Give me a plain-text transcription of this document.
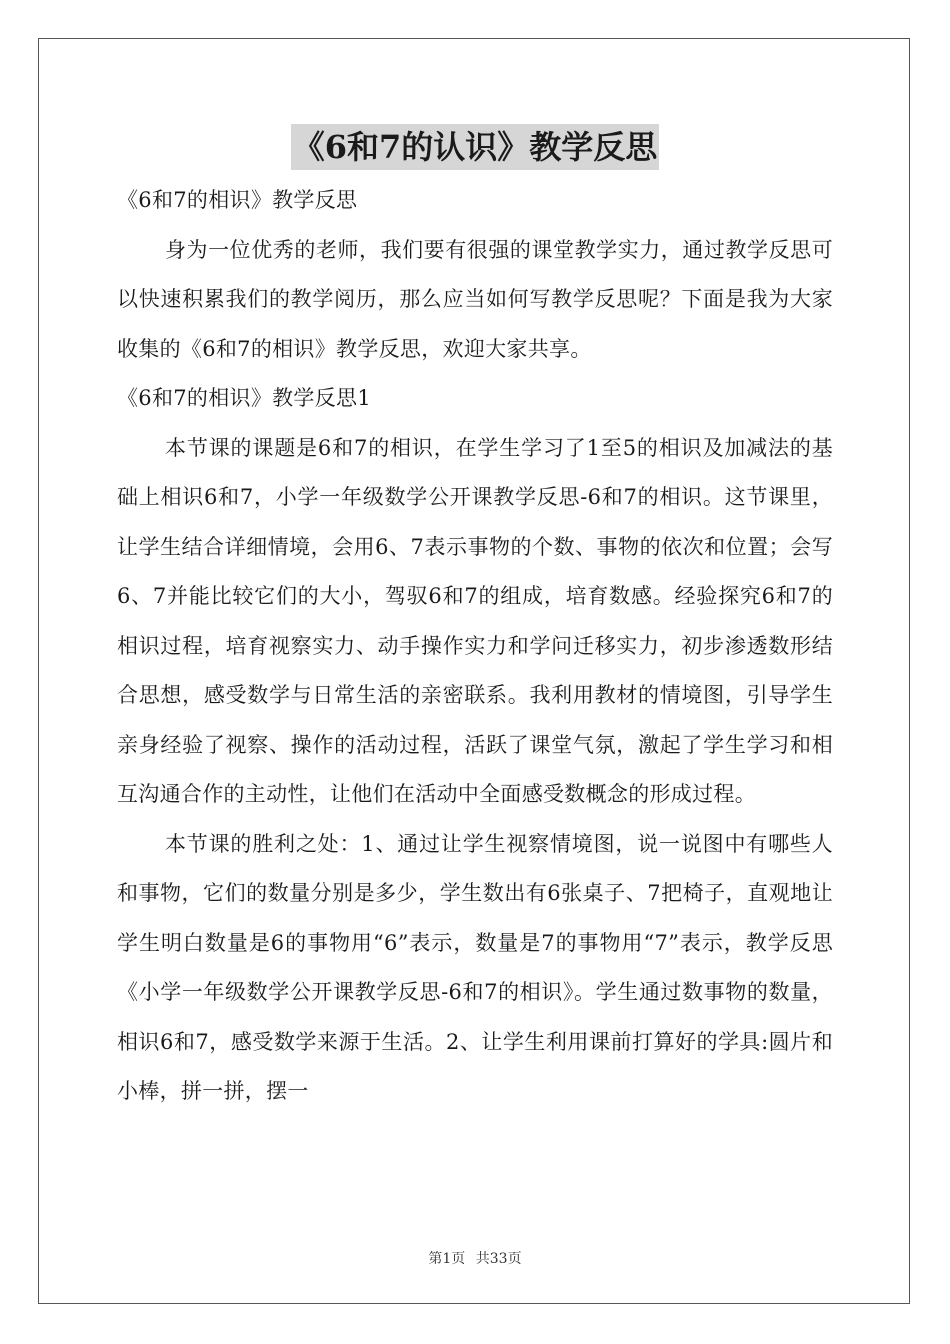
《6和7的认识》教学反思

《6和7的相识》教学反思

身为一位优秀的老师，我们要有很强的课堂教学实力，通过教学反思可以快速积累我们的教学阅历，那么应当如何写教学反思呢？下面是我为大家收集的《6和7的相识》教学反思，欢迎大家共享。

《6和7的相识》教学反思1

本节课的课题是6和7的相识，在学生学习了1至5的相识及加减法的基础上相识6和7，小学一年级数学公开课教学反思-6和7的相识。这节课里，让学生结合详细情境，会用6、7表示事物的个数、事物的依次和位置；会写6、7并能比较它们的大小，驾驭6和7的组成，培育数感。经验探究6和7的相识过程，培育视察实力、动手操作实力和学问迁移实力，初步渗透数形结合思想，感受数学与日常生活的亲密联系。我利用教材的情境图，引导学生亲身经验了视察、操作的活动过程，活跃了课堂气氛，激起了学生学习和相互沟通合作的主动性，让他们在活动中全面感受数概念的形成过程。

本节课的胜利之处：1、通过让学生视察情境图，说一说图中有哪些人和事物，它们的数量分别是多少，学生数出有6张桌子、7把椅子，直观地让学生明白数量是6的事物用“6”表示，数量是7的事物用“7”表示，教学反思《小学一年级数学公开课教学反思-6和7的相识》。学生通过数事物的数量，相识6和7，感受数学来源于生活。2、让学生利用课前打算好的学具:圆片和小棒，拼一拼，摆一

第1页 共33页
